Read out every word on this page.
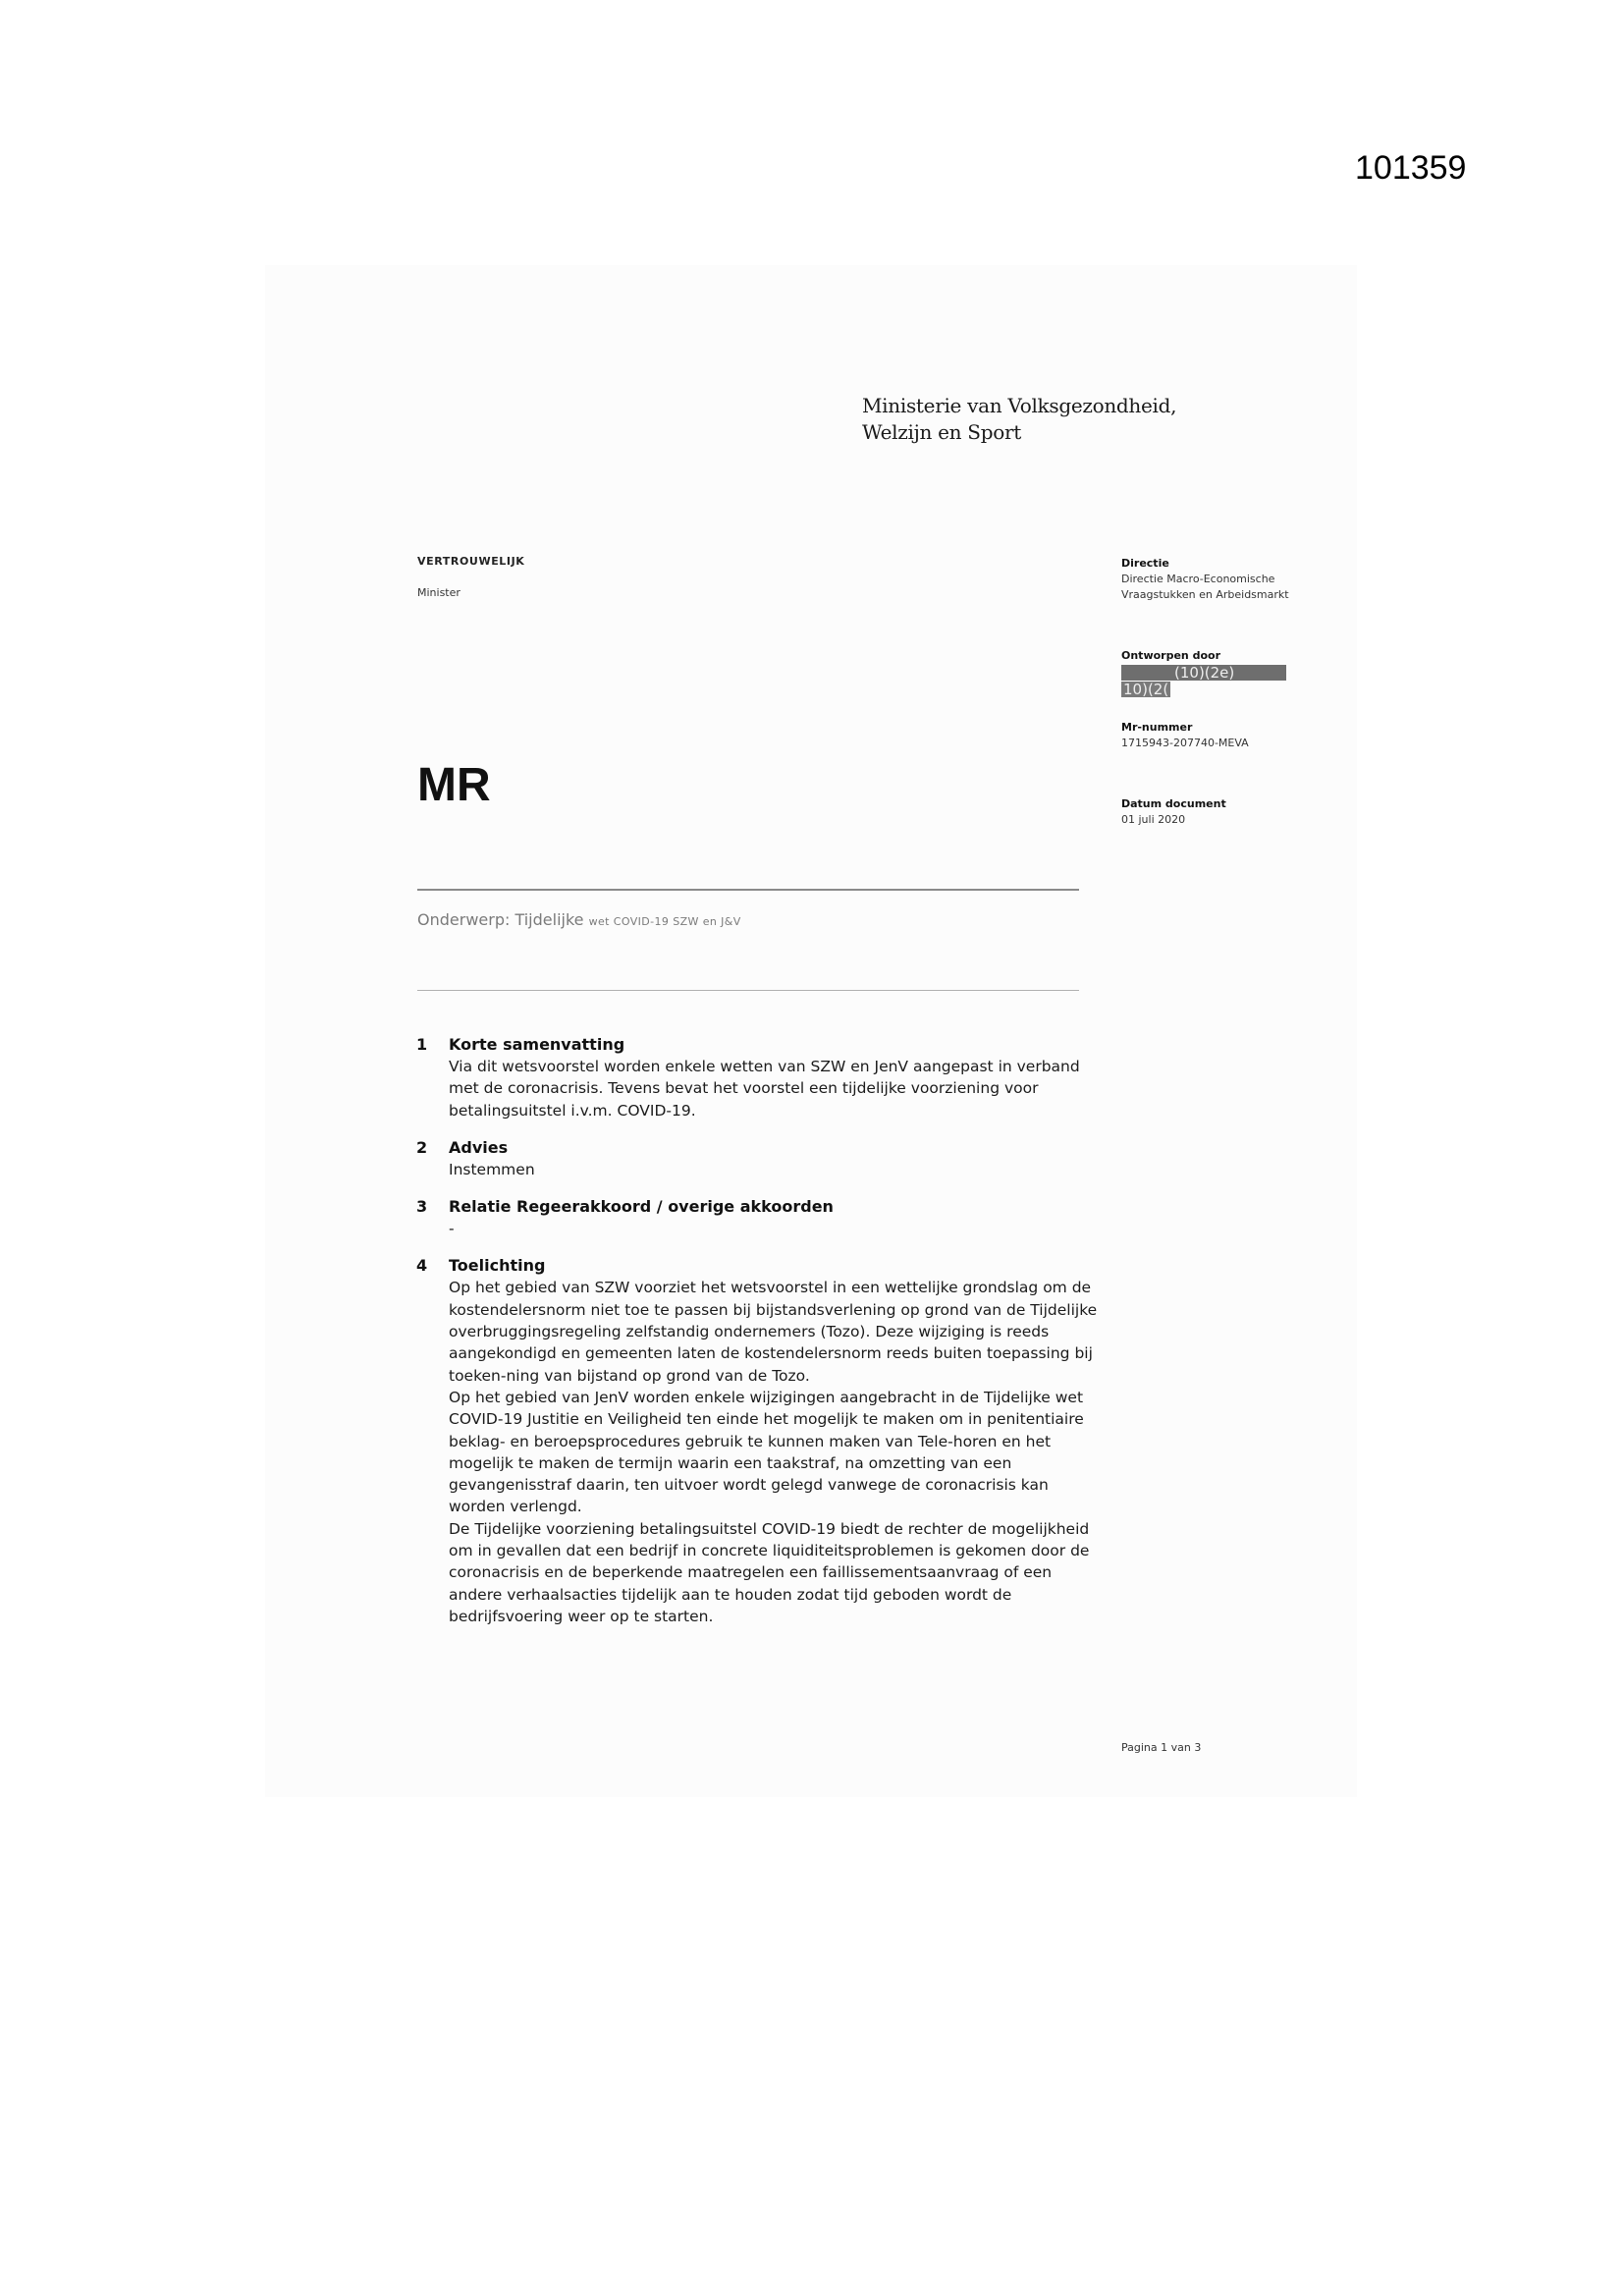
101359
Ministerie van Volksgezondheid,
Welzijn en Sport
VERTROUWELIJK
Minister
MR
Onderwerp: Tijdelijke wet COVID-19 SZW en J&V
Directie
Directie Macro-Economische Vraagstukken en Arbeidsmarkt
Ontworpen door
(10)(2e)
10)(2(
Mr-nummer
1715943-207740-MEVA
Datum document
01 juli 2020
1 Korte samenvatting

Via dit wetsvoorstel worden enkele wetten van SZW en JenV aangepast in verband met de coronacrisis. Tevens bevat het voorstel een tijdelijke voorziening voor betalingsuitstel i.v.m. COVID-19.

2 Advies

Instemmen

3 Relatie Regeerakkoord / overige akkoorden

-

4 Toelichting

Op het gebied van SZW voorziet het wetsvoorstel in een wettelijke grondslag om de kostendelersnorm niet toe te passen bij bijstandsverlening op grond van de Tijdelijke overbruggingsregeling zelfstandig ondernemers (Tozo). Deze wijziging is reeds aangekondigd en gemeenten laten de kostendelersnorm reeds buiten toepassing bij toeken-ning van bijstand op grond van de Tozo.

Op het gebied van JenV worden enkele wijzigingen aangebracht in de Tijdelijke wet COVID-19 Justitie en Veiligheid ten einde het mogelijk te maken om in penitentiaire beklag- en beroepsprocedures gebruik te kunnen maken van Tele-horen en het mogelijk te maken de termijn waarin een taakstraf, na omzetting van een gevangenisstraf daarin, ten uitvoer wordt gelegd vanwege de coronacrisis kan worden verlengd.

De Tijdelijke voorziening betalingsuitstel COVID-19 biedt de rechter de mogelijkheid om in gevallen dat een bedrijf in concrete liquiditeitsproblemen is gekomen door de coronacrisis en de beperkende maatregelen een faillissementsaanvraag of een andere verhaalsacties tijdelijk aan te houden zodat tijd geboden wordt de bedrijfsvoering weer op te starten.

Pagina 1 van 3
